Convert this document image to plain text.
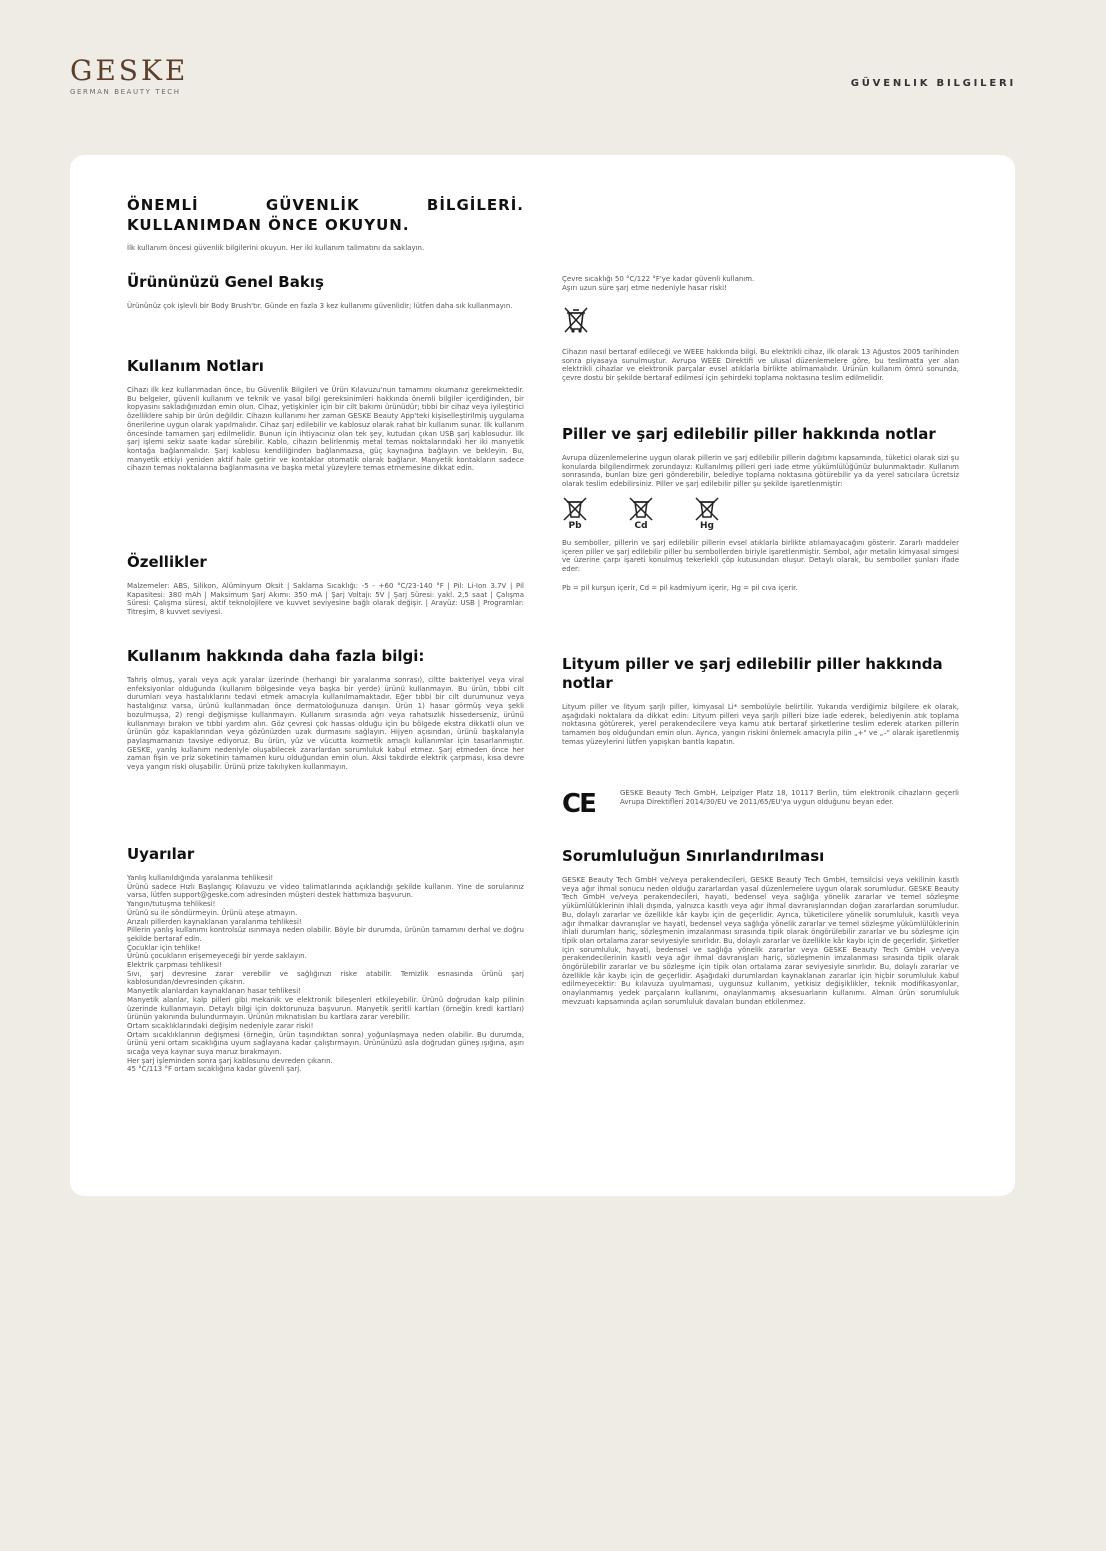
GESKE
GERMAN BEAUTY TECH
GÜVENLIK BILGILERI
ÖNEMLİ GÜVENLİK BİLGİLERİ. KULLANIMDAN ÖNCE OKUYUN.
İlk kullanım öncesi güvenlik bilgilerini okuyun. Her iki kullanım talimatını da saklayın.
Ürününüzü Genel Bakış

Ürününüz çok işlevli bir Body Brush'tır. Günde en fazla 3 kez kullanımı güvenlidir; lütfen daha sık kullanmayın.

Kullanım Notları

Cihazı ilk kez kullanmadan önce, bu Güvenlik Bilgileri ve Ürün Kılavuzu'nun tamamını okumanız gerekmektedir. Bu belgeler, güvenli kullanım ve teknik ve yasal bilgi gereksinimleri hakkında önemli bilgiler içerdiğinden, bir kopyasını sakladığınızdan emin olun. Cihaz, yetişkinler için bir cilt bakımı ürünüdür; tıbbi bir cihaz veya iyileştirici özelliklere sahip bir ürün değildir. Cihazın kullanımı her zaman GESKE Beauty App'teki kişiselleştirilmiş uygulama önerilerine uygun olarak yapılmalıdır. Cihaz şarj edilebilir ve kablosuz olarak rahat bir kullanım sunar. İlk kullanım öncesinde tamamen şarj edilmelidir. Bunun için ihtiyacınız olan tek şey, kutudan çıkan USB şarj kablosudur. İlk şarj işlemi sekiz saate kadar sürebilir. Kablo, cihazın belirlenmiş metal temas noktalarındaki her iki manyetik kontağa bağlanmalıdır. Şarj kablosu kendiliğinden bağlanmazsa, güç kaynağına bağlayın ve bekleyin. Bu, manyetik etkiyi yeniden aktif hale getirir ve kontaklar otomatik olarak bağlanır. Manyetik kontakların sadece cihazın temas noktalarına bağlanmasına ve başka metal yüzeylere temas etmemesine dikkat edin.

Özellikler

Malzemeler: ABS, Silikon, Alüminyum Oksit | Saklama Sıcaklığı: -5 - +60 °C/23-140 °F | Pil: Li-Ion 3.7V | Pil Kapasitesi: 380 mAh | Maksimum Şarj Akımı: 350 mA | Şarj Voltajı: 5V | Şarj Süresi: yakl. 2,5 saat | Çalışma Süresi: Çalışma süresi, aktif teknolojilere ve kuvvet seviyesine bağlı olarak değişir. | Arayüz: USB | Programlar: Titreşim, 8 kuvvet seviyesi.

Kullanım hakkında daha fazla bilgi:

Tahriş olmuş, yaralı veya açık yaralar üzerinde (herhangi bir yaralanma sonrası), ciltte bakteriyel veya viral enfeksiyonlar olduğunda (kullanım bölgesinde veya başka bir yerde) ürünü kullanmayın. Bu ürün, tıbbi cilt durumları veya hastalıklarını tedavi etmek amacıyla kullanılmamaktadır. Eğer tıbbi bir cilt durumunuz veya hastalığınız varsa, ürünü kullanmadan önce dermatoloğunuza danışın. Ürün 1) hasar görmüş veya şekli bozulmuşsa, 2) rengi değişmişse kullanmayın. Kullanım sırasında ağrı veya rahatsızlık hissederseniz, ürünü kullanmayı bırakın ve tıbbi yardım alın. Göz çevresi çok hassas olduğu için bu bölgede ekstra dikkatli olun ve ürünün göz kapaklarından veya gözünüzden uzak durmasını sağlayın. Hijyen açısından, ürünü başkalarıyla paylaşmamanızı tavsiye ediyoruz. Bu ürün, yüz ve vücutta kozmetik amaçlı kullanımlar için tasarlanmıştır. GESKE, yanlış kullanım nedeniyle oluşabilecek zararlardan sorumluluk kabul etmez. Şarj etmeden önce her zaman fişin ve priz soketinin tamamen kuru olduğundan emin olun. Aksi takdirde elektrik çarpması, kısa devre veya yangın riski oluşabilir. Ürünü prize takılıyken kullanmayın.

Uyarılar

Yanlış kullanıldığında yaralanma tehlikesi!
Ürünü sadece Hızlı Başlangıç Kılavuzu ve video talimatlarında açıklandığı şekilde kullanın. Yine de sorularınız varsa, lütfen support@geske.com adresinden müşteri destek hattımıza başvurun.
Yangın/tutuşma tehlikesi!
Ürünü su ile söndürmeyin. Ürünü ateşe atmayın.
Arızalı pillerden kaynaklanan yaralanma tehlikesi!
Pillerin yanlış kullanımı kontrolsüz ısınmaya neden olabilir. Böyle bir durumda, ürünün tamamını derhal ve doğru şekilde bertaraf edin.
Çocuklar için tehlike!
Ürünü çocukların erişemeyeceği bir yerde saklayın.
Elektrik çarpması tehlikesi!
Sıvı, şarj devresine zarar verebilir ve sağlığınızı riske atabilir. Temizlik esnasında ürünü şarj kablosundan/devresinden çıkarın.
Manyetik alanlardan kaynaklanan hasar tehlikesi!
Manyetik alanlar, kalp pilleri gibi mekanik ve elektronik bileşenleri etkileyebilir. Ürünü doğrudan kalp pilinin üzerinde kullanmayın. Detaylı bilgi için doktorunuza başvurun. Manyetik şeritli kartları (örneğin kredi kartları) ürünün yakınında bulundurmayın. Ürünün mıknatısları bu kartlara zarar verebilir.
Ortam sıcaklıklarındaki değişim nedeniyle zarar riski!
Ortam sıcaklıklarının değişmesi (örneğin, ürün taşındıktan sonra) yoğunlaşmaya neden olabilir. Bu durumda, ürünü yeni ortam sıcaklığına uyum sağlayana kadar çalıştırmayın. Ürününüzü asla doğrudan güneş ışığına, aşırı sıcağa veya kaynar suya maruz bırakmayın.
Her şarj işleminden sonra şarj kablosunu devreden çıkarın.
45 °C/113 °F ortam sıcaklığına kadar güvenli şarj.

Çevre sıcaklığı 50 °C/122 °F'ye kadar güvenli kullanım.
Aşırı uzun süre şarj etme nedeniyle hasar riski!

Cihazın nasıl bertaraf edileceği ve WEEE hakkında bilgi. Bu elektrikli cihaz, ilk olarak 13 Ağustos 2005 tarihinden sonra piyasaya sunulmuştur. Avrupa WEEE Direktifi ve ulusal düzenlemelere göre, bu teslimatta yer alan elektrikli cihazlar ve elektronik parçalar evsel atıklarla birlikte atılmamalıdır. Ürünün kullanım ömrü sonunda, çevre dostu bir şekilde bertaraf edilmesi için şehirdeki toplama noktasına teslim edilmelidir.

Piller ve şarj edilebilir piller hakkında notlar

Avrupa düzenlemelerine uygun olarak pillerin ve şarj edilebilir pillerin dağıtımı kapsamında, tüketici olarak sizi şu konularda bilgilendirmek zorundayız: Kullanılmış pilleri geri iade etme yükümlülüğünüz bulunmaktadır. Kullanım sonrasında, bunları bize geri gönderebilir, belediye toplama noktasına götürebilir ya da yerel satıcılara ücretsiz olarak teslim edebilirsiniz. Piller ve şarj edilebilir piller şu şekilde işaretlenmiştir:

Pb	Cd	Hg

Bu semboller, pillerin ve şarj edilebilir pillerin evsel atıklarla birlikte atılamayacağını gösterir. Zararlı maddeler içeren piller ve şarj edilebilir piller bu sembollerden biriyle işaretlenmiştir. Sembol, ağır metalin kimyasal simgesi ve üzerine çarpı işareti konulmuş tekerlekli çöp kutusundan oluşur. Detaylı olarak, bu semboller şunları ifade eder:

Pb = pil kurşun içerir, Cd = pil kadmiyum içerir, Hg = pil cıva içerir.

Lityum piller ve şarj edilebilir piller hakkında notlar

Lityum piller ve lityum şarjlı piller, kimyasal Li* sembolüyle belirtilir. Yukarıda verdiğimiz bilgilere ek olarak, aşağıdaki noktalara da dikkat edin: Lityum pilleri veya şarjlı pilleri bize iade ederek, belediyenin atık toplama noktasına götürerek, yerel perakendecilere veya kamu atık bertaraf şirketlerine teslim ederek atarken pillerin tamamen boş olduğundan emin olun. Ayrıca, yangın riskini önlemek amacıyla pilin „+" ve „–" olarak işaretlenmiş temas yüzeylerini lütfen yapışkan bantla kapatın.

CE	GESKE Beauty Tech GmbH, Leipziger Platz 18, 10117 Berlin, tüm elektronik cihazların geçerli Avrupa Direktifleri 2014/30/EU ve 2011/65/EU'ya uygun olduğunu beyan eder.

Sorumluluğun Sınırlandırılması

GESKE Beauty Tech GmbH ve/veya perakendecileri, GESKE Beauty Tech GmbH, temsilcisi veya vekilinin kasıtlı veya ağır ihmal sonucu neden olduğu zararlardan yasal düzenlemelere uygun olarak sorumludur. GESKE Beauty Tech GmbH ve/veya perakendecileri, hayati, bedensel veya sağlığa yönelik zararlar ve temel sözleşme yükümlülüklerinin ihlali dışında, yalnızca kasıtlı veya ağır ihmal davranışlarından doğan zararlardan sorumludur. Bu, dolaylı zararlar ve özellikle kâr kaybı için de geçerlidir. Ayrıca, tüketicilere yönelik sorumluluk, kasıtlı veya ağır ihmalkar davranışlar ve hayati, bedensel veya sağlığa yönelik zararlar ve temel sözleşme yükümlülüklerinin ihlali durumları hariç, sözleşmenin imzalanması sırasında tipik olarak öngörülebilir zararlar ve bu sözleşme için tipik olan ortalama zarar seviyesiyle sınırlıdır. Bu, dolaylı zararlar ve özellikle kâr kaybı için de geçerlidir. Şirketler için sorumluluk, hayati, bedensel ve sağlığa yönelik zararlar veya GESKE Beauty Tech GmbH ve/veya perakendecilerinin kasıtlı veya ağır ihmal davranışları hariç, sözleşmenin imzalanması sırasında tipik olarak öngörülebilir zararlar ve bu sözleşme için tipik olan ortalama zarar seviyesiyle sınırlıdır. Bu, dolaylı zararlar ve özellikle kâr kaybı için de geçerlidir. Aşağıdaki durumlardan kaynaklanan zararlar için hiçbir sorumluluk kabul edilmeyecektir: Bu kılavuza uyulmaması, uygunsuz kullanım, yetkisiz değişiklikler, teknik modifikasyonlar, onaylanmamış yedek parçaların kullanımı, onaylanmamış aksesuarların kullanımı. Alman ürün sorumluluk mevzuatı kapsamında açılan sorumluluk davaları bundan etkilenmez.
